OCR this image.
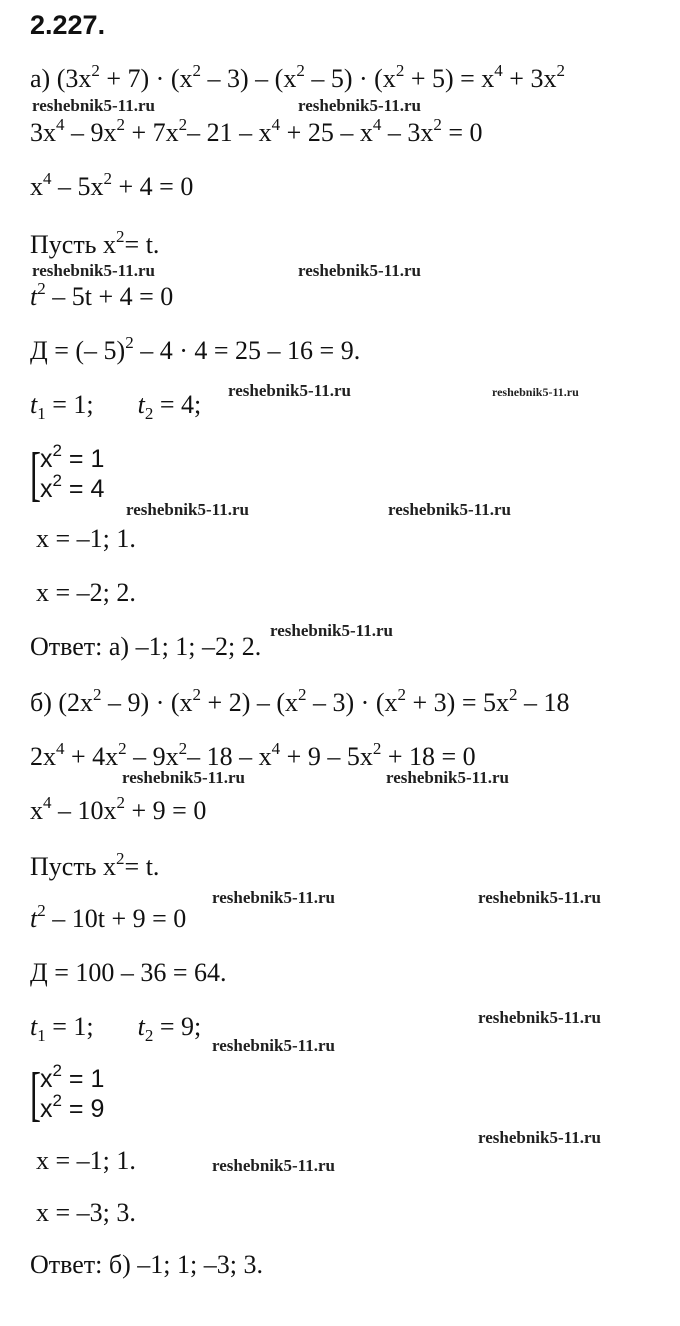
2.227.
а) $(3x^2 + 7) \cdot (x^2 - 3) - (x^2 - 5) \cdot (x^2 + 5) = x^4 + 3x^2$
$3x^4 - 9x^2 + 7x^2-$ $21 - x^4 + 25 - x^4 - 3x^2 = 0$
$x^4 - 5x^2 + 4 = 0$
Пусть $x^2= t$.
$t^2 - 5t + 4 = 0$
Д = (– 5)$^2$ – 4 · 4 = 25 – 16 = 9.
$t_1 = 1$; $t_2 = 4$;
[ $x^2 = 1$
$x^2 = 4$
x = –1; 1.
x = –2; 2.
Ответ: а) –1; 1; –2; 2.
б) $(2x^2 - 9) \cdot (x^2 + 2) - (x^2 - 3) \cdot (x^2 + 3) = 5x^2 - 18$
$2x^4 + 4x^2 - 9x^2-$ $18 - x^4 + 9 - 5x^2 + 18 = 0$
$x^4 - 10x^2 + 9 = 0$
Пусть $x^2= t$.
$t^2 - 10t + 9 = 0$
Д = 100 – 36 = 64.
$t_1 = 1$; $t_2 = 9$;
[ $x^2 = 1$
$x^2 = 9$
x = –1; 1.
x = –3; 3.
Ответ: б) –1; 1; –3; 3.
reshebnik5-11.ru	reshebnik5-11.ru
reshebnik5-11.ru	reshebnik5-11.ru
reshebnik5-11.ru	reshebnik5-11.ru
reshebnik5-11.ru	reshebnik5-11.ru
reshebnik5-11.ru
reshebnik5-11.ru	reshebnik5-11.ru
reshebnik5-11.ru	reshebnik5-11.ru
reshebnik5-11.ru
reshebnik5-11.ru
reshebnik5-11.ru
reshebnik5-11.ru
